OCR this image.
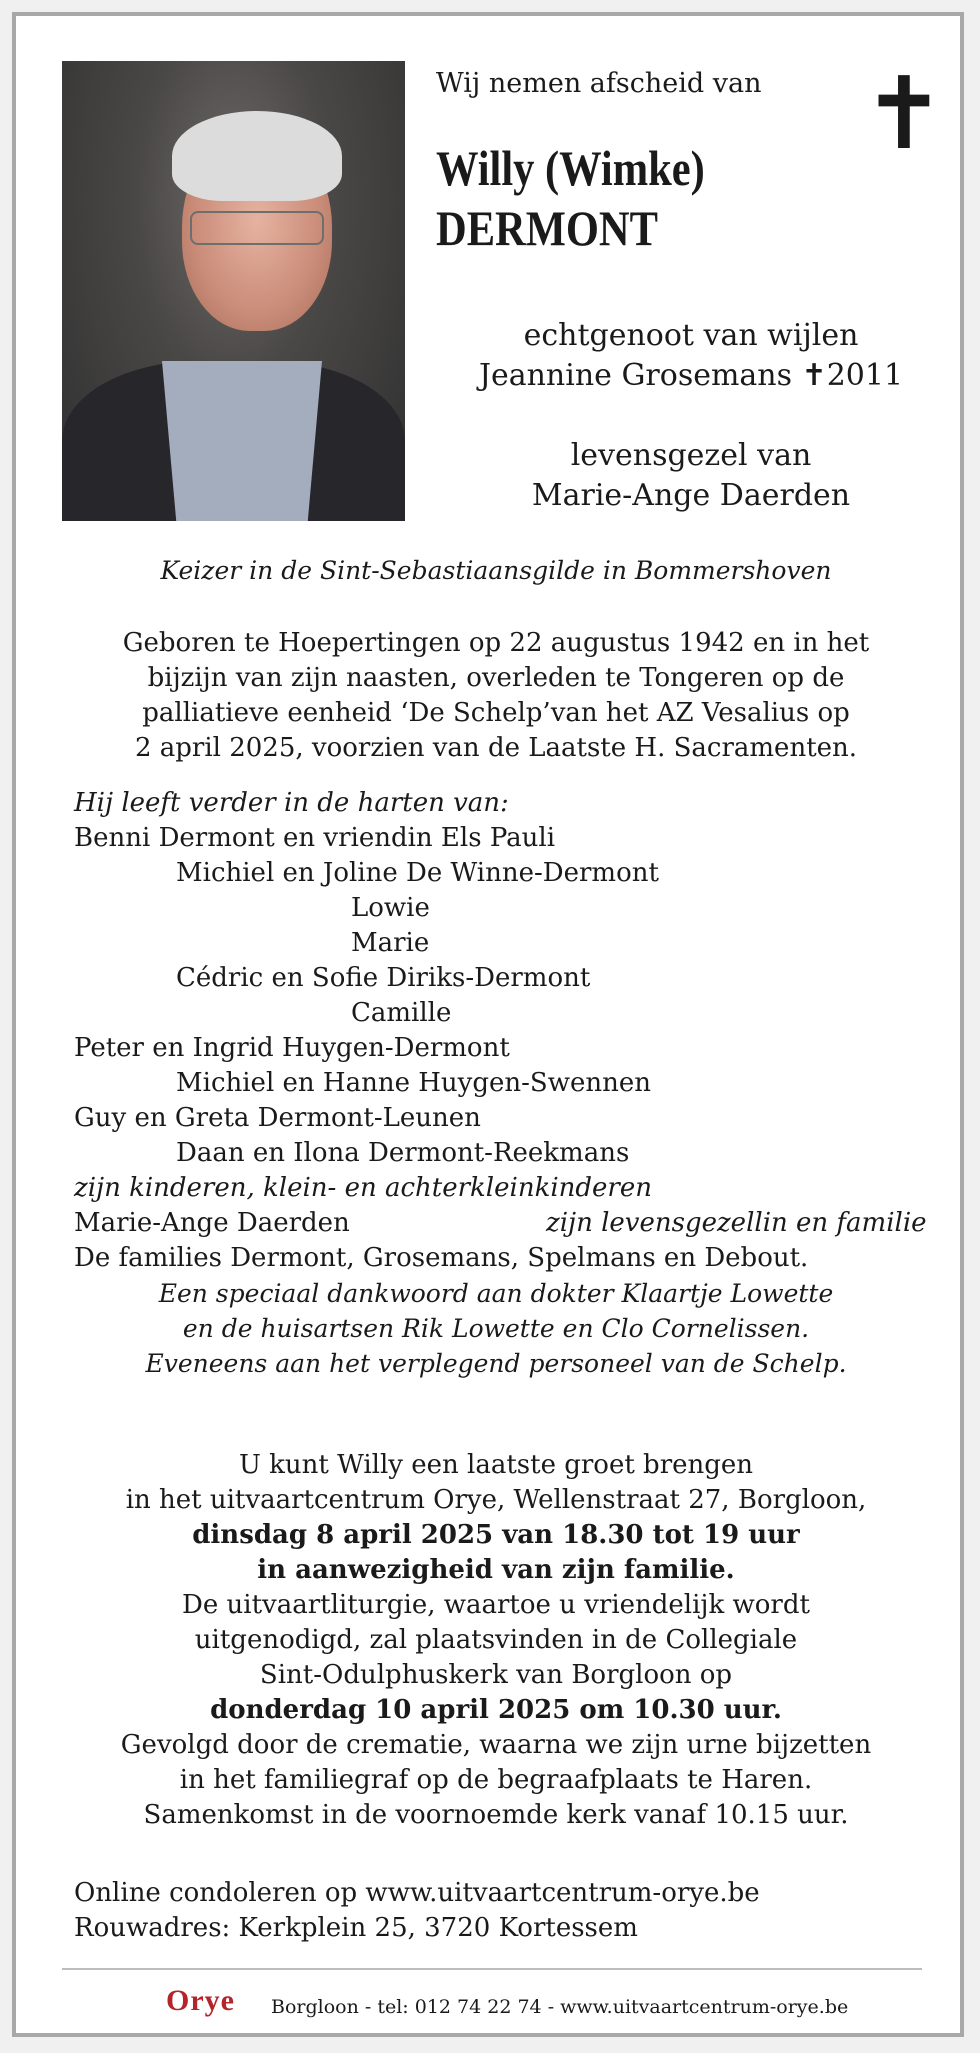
✝
Wij nemen afscheid van
Willy (Wimke)
DERMONT
echtgenoot van wijlen
Jeannine Grosemans ✝2011
levensgezel van
Marie-Ange Daerden
Keizer in de Sint-Sebastiaansgilde in Bommershoven
Geboren te Hoepertingen op 22 augustus 1942 en in het
bijzijn van zijn naasten, overleden te Tongeren op de
palliatieve eenheid ‘De Schelp’van het AZ Vesalius op
2 april 2025, voorzien van de Laatste H. Sacramenten.
Hij leeft verder in de harten van:
Benni Dermont en vriendin Els Pauli
Michiel en Joline De Winne-Dermont
Lowie
Marie
Cédric en Sofie Diriks-Dermont
Camille
Peter en Ingrid Huygen-Dermont
Michiel en Hanne Huygen-Swennen
Guy en Greta Dermont-Leunen
Daan en Ilona Dermont-Reekmans
zijn kinderen, klein- en achterkleinkinderen
Marie-Ange Daerden	zijn levensgezellin en familie
De families Dermont, Grosemans, Spelmans en Debout.
Een speciaal dankwoord aan dokter Klaartje Lowette
en de huisartsen Rik Lowette en Clo Cornelissen.
Eveneens aan het verplegend personeel van de Schelp.
U kunt Willy een laatste groet brengen
in het uitvaartcentrum Orye, Wellenstraat 27, Borgloon,
dinsdag 8 april 2025 van 18.30 tot 19 uur
in aanwezigheid van zijn familie.
De uitvaartliturgie, waartoe u vriendelijk wordt
uitgenodigd, zal plaatsvinden in de Collegiale
Sint-Odulphuskerk van Borgloon op
donderdag 10 april 2025 om 10.30 uur.
Gevolgd door de crematie, waarna we zijn urne bijzetten
in het familiegraf op de begraafplaats te Haren.
Samenkomst in de voornoemde kerk vanaf 10.15 uur.
Online condoleren op www.uitvaartcentrum-orye.be
Rouwadres: Kerkplein 25, 3720 Kortessem
Orye Borgloon - tel: 012 74 22 74 - www.uitvaartcentrum-orye.be
